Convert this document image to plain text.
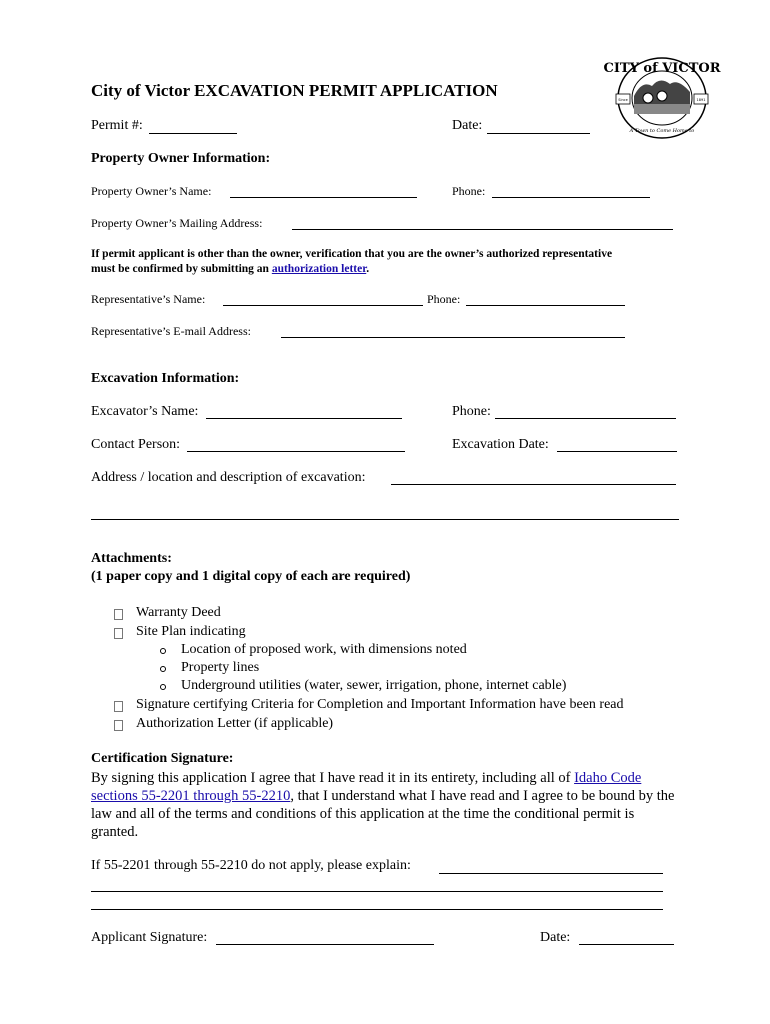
City of Victor EXCAVATION PERMIT APPLICATION
CITY of VICTOR
A Town to Come Home to
Since	1891
Permit #:	Date:
Property Owner Information:
Property Owner’s Name:	Phone:
Property Owner’s Mailing Address:
If permit applicant is other than the owner, verification that you are the owner’s authorized representative
must be confirmed by submitting an authorization letter.
Representative’s Name:	Phone:
Representative’s E-mail Address:
Excavation Information:
Excavator’s Name:	Phone:
Contact Person:	Excavation Date:
Address / location and description of excavation:
Attachments:
(1 paper copy and 1 digital copy of each are required)
Warranty Deed
Site Plan indicating
Location of proposed work, with dimensions noted
Property lines
Underground utilities (water, sewer, irrigation, phone, internet cable)
Signature certifying Criteria for Completion and Important Information have been read
Authorization Letter (if applicable)
Certification Signature:
By signing this application I agree that I have read it in its entirety, including all of Idaho Code sections 55-2201 through 55-2210, that I understand what I have read and I agree to be bound by the law and all of the terms and conditions of this application at the time the conditional permit is granted.
If 55-2201 through 55-2210 do not apply, please explain:
Applicant Signature:	Date:
